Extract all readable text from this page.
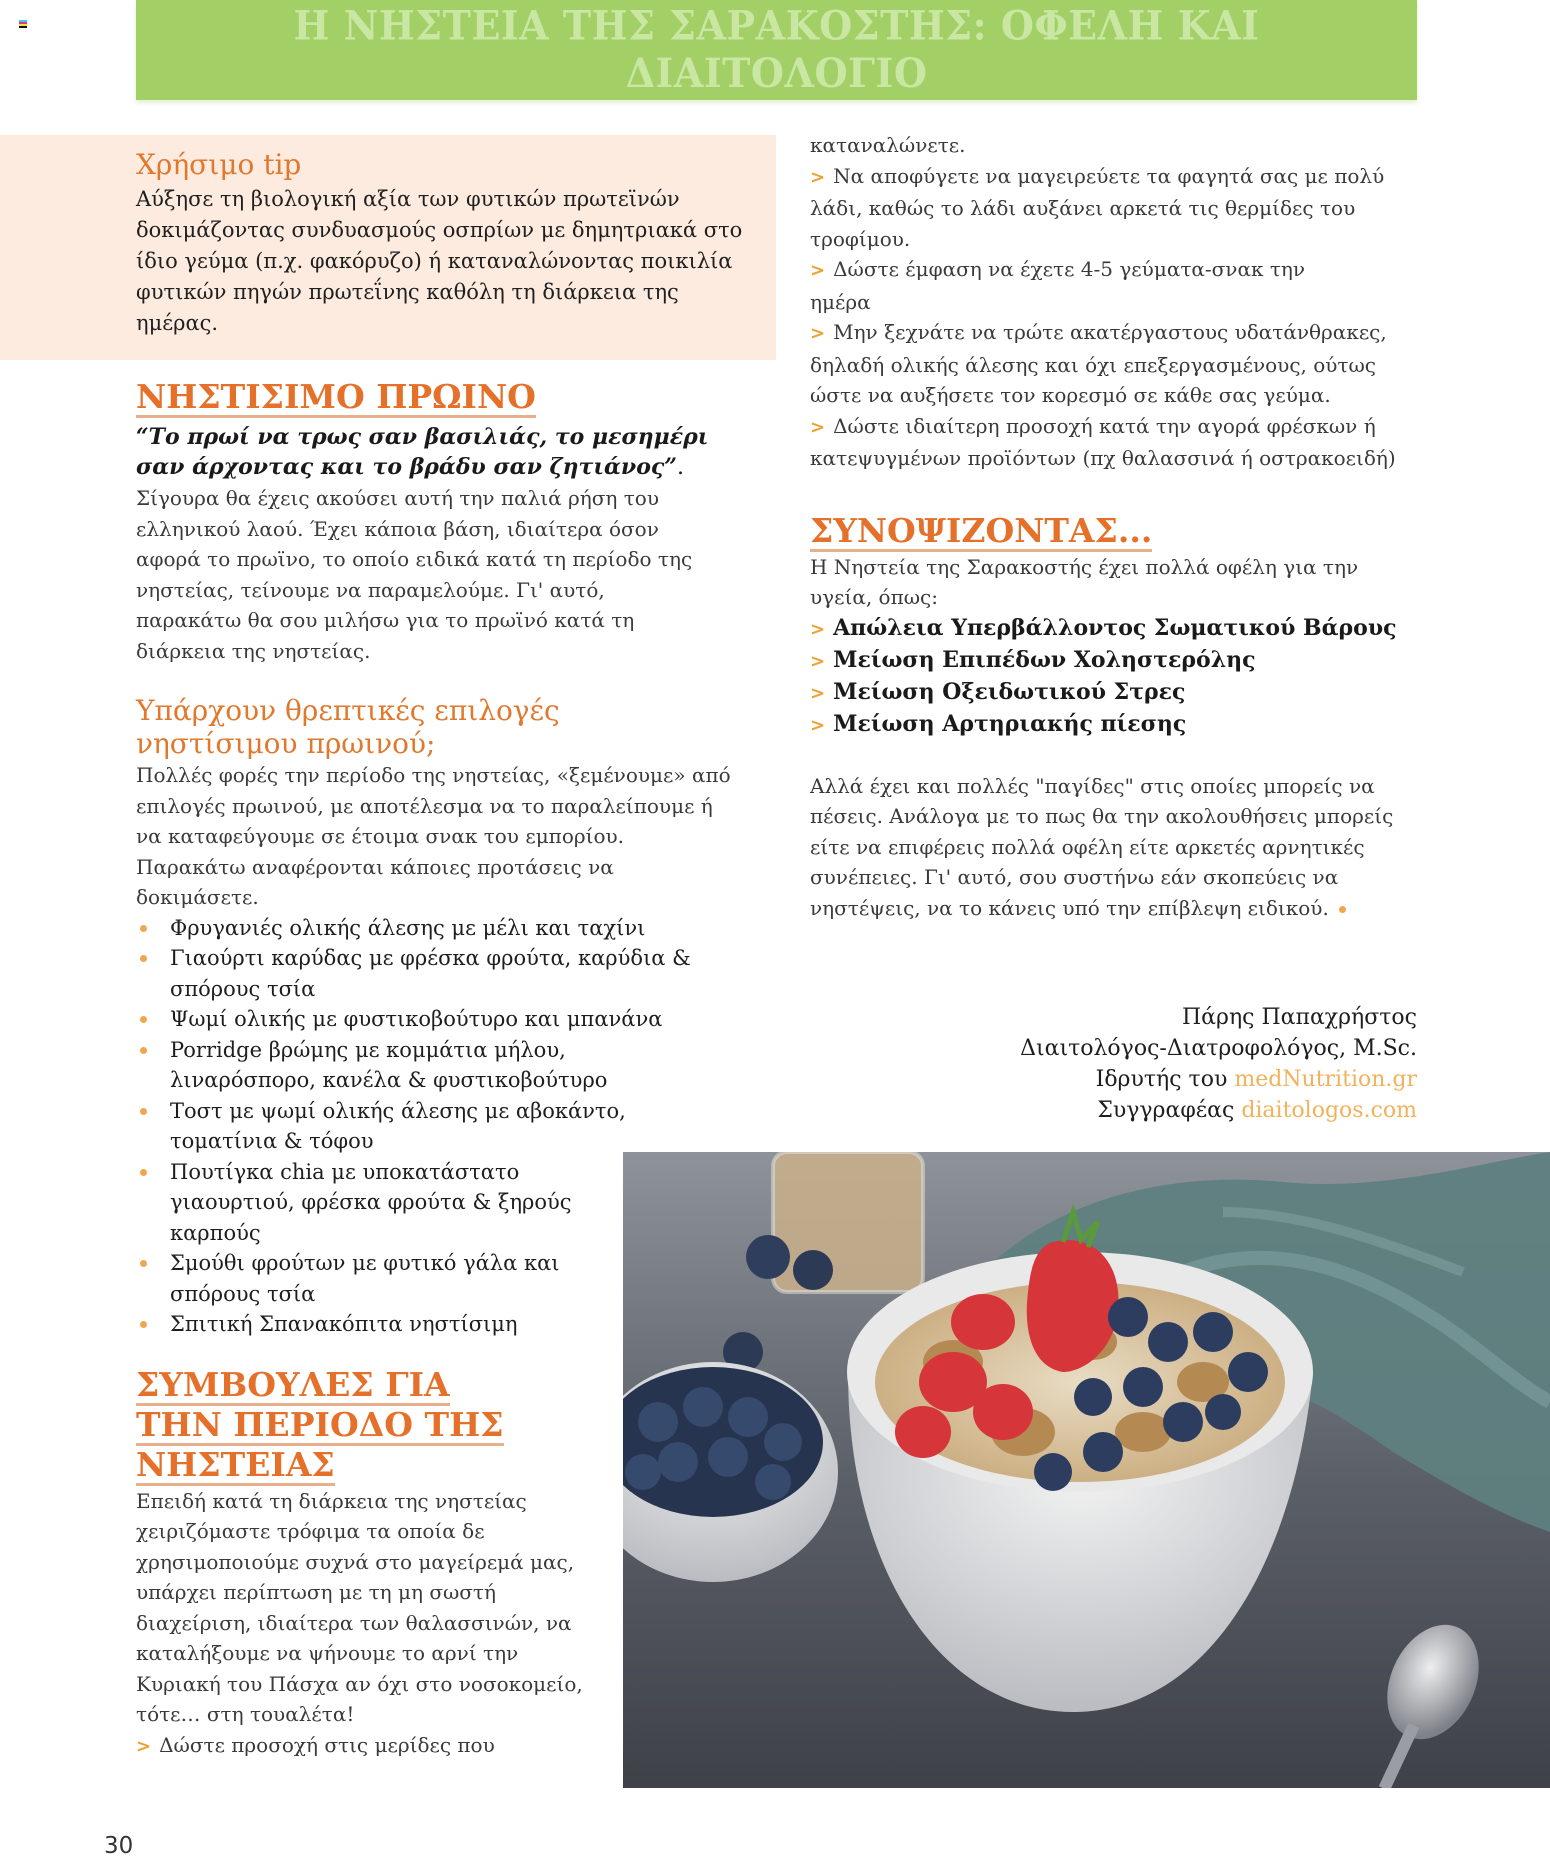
Η ΝΗΣΤΕΙΑ ΤΗΣ ΣΑΡΑΚΟΣΤΗΣ: ΟΦΕΛΗ ΚΑΙ ΔΙΑΙΤΟΛΟΓΙΟ
Χρήσιμο tip
Αύξησε τη βιολογική αξία των φυτικών πρωτεϊνών δοκιμάζοντας συνδυασμούς οσπρίων με δημητριακά στο ίδιο γεύμα (π.χ. φακόρυζο) ή καταναλώνοντας ποικιλία φυτικών πηγών πρωτεΐνης καθόλη τη διάρκεια της ημέρας.
ΝΗΣΤΙΣΙΜΟ ΠΡΩΙΝΟ
“Το πρωί να τρως σαν βασιλιάς, το μεσημέρι σαν άρχοντας και το βράδυ σαν ζητιάνος”.
Σίγουρα θα έχεις ακούσει αυτή την παλιά ρήση του ελληνικού λαού. Έχει κάποια βάση, ιδιαίτερα όσον αφορά το πρωϊνο, το οποίο ειδικά κατά τη περίοδο της νηστείας, τείνουμε να παραμελούμε. Γι' αυτό, παρακάτω θα σου μιλήσω για το πρωϊνό κατά τη διάρκεια της νηστείας.
Υπάρχουν θρεπτικές επιλογές νηστίσιμου πρωινού;
Πολλές φορές την περίοδο της νηστείας, «ξεμένουμε» από επιλογές πρωινού, με αποτέλεσμα να το παραλείπουμε ή να καταφεύγουμε σε έτοιμα σνακ του εμπορίου. Παρακάτω αναφέρονται κάποιες προτάσεις να δοκιμάσετε.
Φρυγανιές ολικής άλεσης με μέλι και ταχίνι
Γιαούρτι καρύδας με φρέσκα φρούτα, καρύδια & σπόρους τσία
Ψωμί ολικής με φυστικοβούτυρο και μπανάνα
Porridge βρώμης με κομμάτια μήλου, λιναρόσπορο, κανέλα & φυστικοβούτυρο
Τοστ με ψωμί ολικής άλεσης με αβοκάντο, τοματίνια & τόφου
Πουτίγκα chia με υποκατάστατο γιαουρτιού, φρέσκα φρούτα & ξηρούς καρπούς
Σμούθι φρούτων με φυτικό γάλα και σπόρους τσία
Σπιτική Σπανακόπιτα νηστίσιμη
ΣΥΜΒΟΥΛΕΣ ΓΙΑ
ΤΗΝ ΠΕΡΙΟΔΟ ΤΗΣ
ΝΗΣΤΕΙΑΣ
Επειδή κατά τη διάρκεια της νηστείας χειριζόμαστε τρόφιμα τα οποία δε χρησιμοποιούμε συχνά στο μαγείρεμά μας, υπάρχει περίπτωση με τη μη σωστή διαχείριση, ιδιαίτερα των θαλασσινών, να καταλήξουμε να ψήνουμε το αρνί την Κυριακή του Πάσχα αν όχι στο νοσοκομείο, τότε… στη τουαλέτα!
> Δώστε προσοχή στις μερίδες που
καταναλώνετε.
> Να αποφύγετε να μαγειρεύετε τα φαγητά σας με πολύ λάδι, καθώς το λάδι αυξάνει αρκετά τις θερμίδες του τροφίμου.
> Δώστε έμφαση να έχετε 4-5 γεύματα-σνακ την ημέρα
> Μην ξεχνάτε να τρώτε ακατέργαστους υδατάνθρακες, δηλαδή ολικής άλεσης και όχι επεξεργασμένους, ούτως ώστε να αυξήσετε τον κορεσμό σε κάθε σας γεύμα.
> Δώστε ιδιαίτερη προσοχή κατά την αγορά φρέσκων ή κατεψυγμένων προϊόντων (πχ θαλασσινά ή οστρακοειδή)
ΣΥΝΟΨΙΖΟΝΤΑΣ...
Η Νηστεία της Σαρακοστής έχει πολλά οφέλη για την υγεία, όπως:
> Απώλεια Υπερβάλλοντος Σωματικού Βάρους
> Μείωση Επιπέδων Χοληστερόλης
> Μείωση Οξειδωτικού Στρες
> Μείωση Αρτηριακής πίεσης
Αλλά έχει και πολλές "παγίδες" στις οποίες μπορείς να πέσεις. Ανάλογα με το πως θα την ακολουθήσεις μπορείς είτε να επιφέρεις πολλά οφέλη είτε αρκετές αρνητικές συνέπειες. Γι' αυτό, σου συστήνω εάν σκοπεύεις να νηστέψεις, να το κάνεις υπό την επίβλεψη ειδικού.
Πάρης Παπαχρήστος
Διαιτολόγος-Διατροφολόγος, M.Sc.
Ιδρυτής του medNutrition.gr
Συγγραφέας diaitologos.com
30
